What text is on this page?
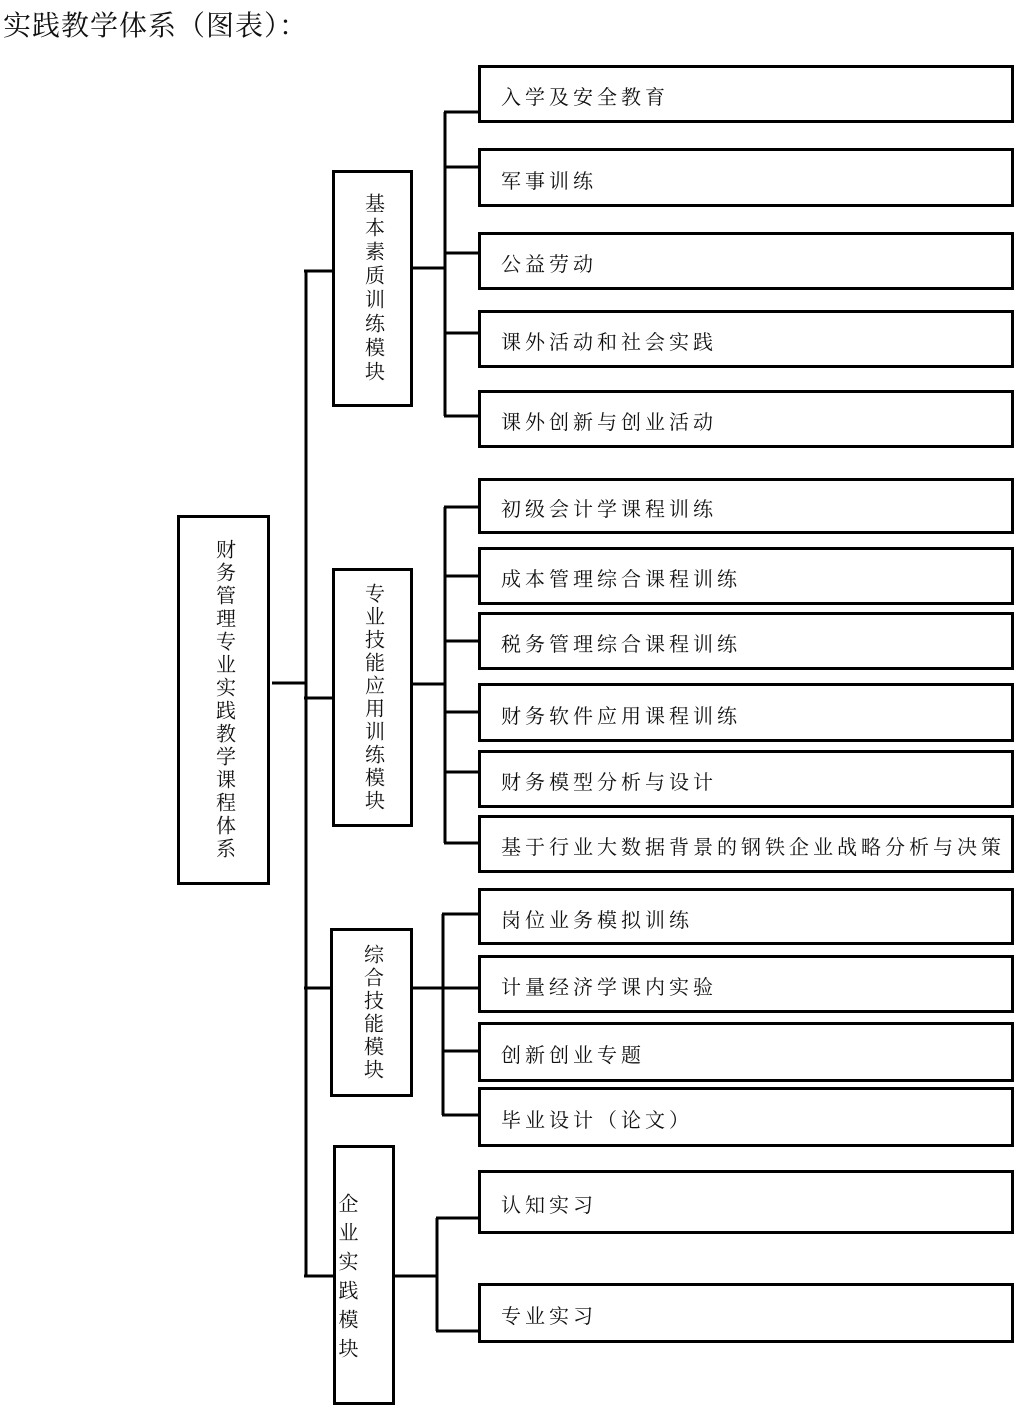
实践教学体系（图表）：
财务管理专业实践教学课程体系
基本素质训练模块
专业技能应用训练模块
综合技能模块
企业实践模块
入学及安全教育
军事训练
公益劳动
课外活动和社会实践
课外创新与创业活动
初级会计学课程训练
成本管理综合课程训练
税务管理综合课程训练
财务软件应用课程训练
财务模型分析与设计
基于行业大数据背景的钢铁企业战略分析与决策
岗位业务模拟训练
计量经济学课内实验
创新创业专题
毕业设计（论文）
认知实习
专业实习
